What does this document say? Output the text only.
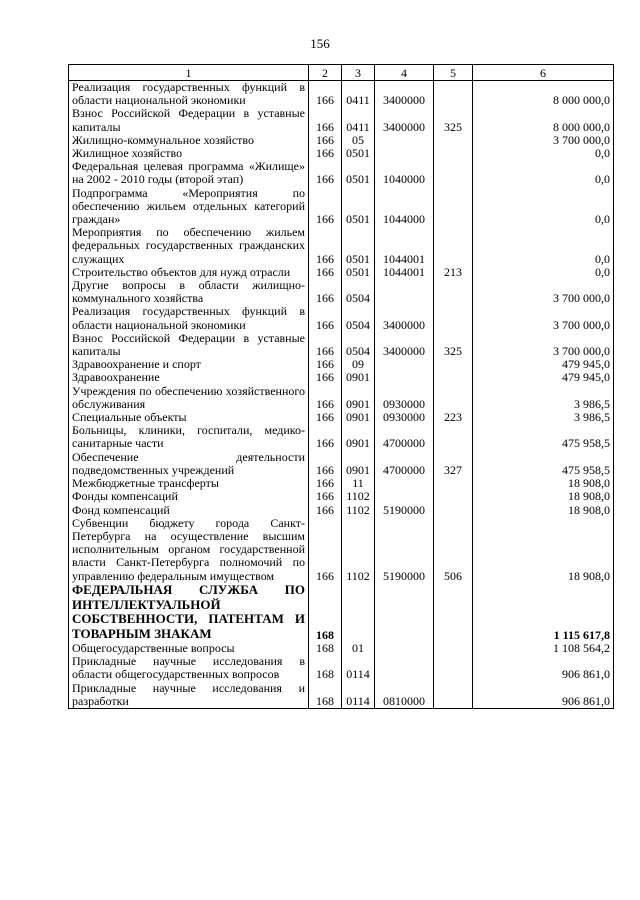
156
1	2	3	4	5	6
Реализация государственных функций в области национальной экономики	166	0411	3400000		8 000 000,0
Взнос Российской Федерации в уставные капиталы	166	0411	3400000	325	8 000 000,0
Жилищно-коммунальное хозяйство	166	05			3 700 000,0
Жилищное хозяйство	166	0501			0,0
Федеральная целевая программа «Жилище» на 2002 - 2010 годы (второй этап)	166	0501	1040000		0,0
Подпрограмма «Мероприятия по обеспечению жильем отдельных категорий граждан»	166	0501	1044000		0,0
Мероприятия по обеспечению жильем федеральных государственных гражданских служащих	166	0501	1044001		0,0
Строительство объектов для нужд отрасли	166	0501	1044001	213	0,0
Другие вопросы в области жилищно-коммунального хозяйства	166	0504			3 700 000,0
Реализация государственных функций в области национальной экономики	166	0504	3400000		3 700 000,0
Взнос Российской Федерации в уставные капиталы	166	0504	3400000	325	3 700 000,0
Здравоохранение и спорт	166	09			479 945,0
Здравоохранение	166	0901			479 945,0
Учреждения по обеспечению хозяйственного обслуживания	166	0901	0930000		3 986,5
Специальные объекты	166	0901	0930000	223	3 986,5
Больницы, клиники, госпитали, медико-санитарные части	166	0901	4700000		475 958,5
Обеспечение деятельности подведомственных учреждений	166	0901	4700000	327	475 958,5
Межбюджетные трансферты	166	11			18 908,0
Фонды компенсаций	166	1102			18 908,0
Фонд компенсаций	166	1102	5190000		18 908,0
Субвенции бюджету города Санкт-Петербурга на осуществление высшим исполнительным органом государственной власти Санкт-Петербурга полномочий по управлению федеральным имуществом	166	1102	5190000	506	18 908,0
ФЕДЕРАЛЬНАЯ СЛУЖБА ПО ИНТЕЛЛЕКТУАЛЬНОЙ СОБСТВЕННОСТИ, ПАТЕНТАМ И ТОВАРНЫМ ЗНАКАМ	168				1 115 617,8
Общегосударственные вопросы	168	01			1 108 564,2
Прикладные научные исследования в области общегосударственных вопросов	168	0114			906 861,0
Прикладные научные исследования и разработки	168	0114	0810000		906 861,0
